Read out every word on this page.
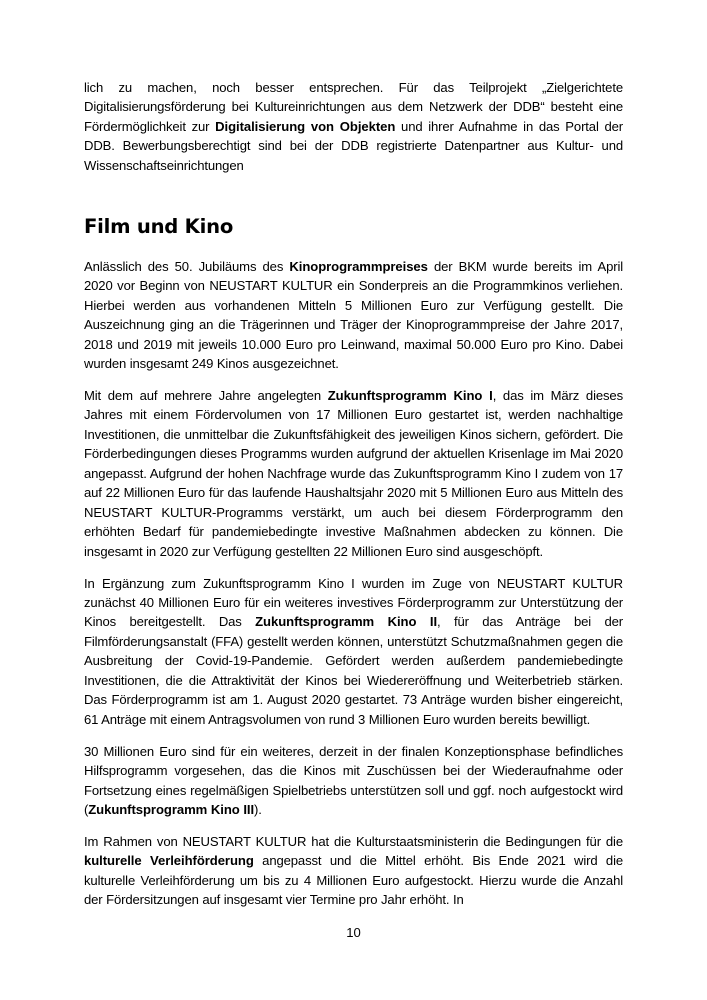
lich zu machen, noch besser entsprechen. Für das Teilprojekt „Zielgerichtete Digitalisierungsförderung bei Kultureinrichtungen aus dem Netzwerk der DDB“ besteht eine Fördermöglichkeit zur Digitalisierung von Objekten und ihrer Aufnahme in das Portal der DDB. Bewerbungsberechtigt sind bei der DDB registrierte Datenpartner aus Kultur- und Wissenschaftseinrichtungen

Film und Kino

Anlässlich des 50. Jubiläums des Kinoprogrammpreises der BKM wurde bereits im April 2020 vor Beginn von NEUSTART KULTUR ein Sonderpreis an die Programmkinos verliehen. Hierbei werden aus vorhandenen Mitteln 5 Millionen Euro zur Verfügung gestellt. Die Auszeichnung ging an die Trägerinnen und Träger der Kinoprogrammpreise der Jahre 2017, 2018 und 2019 mit jeweils 10.000 Euro pro Leinwand, maximal 50.000 Euro pro Kino. Dabei wurden insgesamt 249 Kinos ausgezeichnet.

Mit dem auf mehrere Jahre angelegten Zukunftsprogramm Kino I, das im März dieses Jahres mit einem Fördervolumen von 17 Millionen Euro gestartet ist, werden nachhaltige Investitionen, die unmittelbar die Zukunftsfähigkeit des jeweiligen Kinos sichern, gefördert. Die Förderbedingungen dieses Programms wurden aufgrund der aktuellen Krisenlage im Mai 2020 angepasst. Aufgrund der hohen Nachfrage wurde das Zukunftsprogramm Kino I zudem von 17 auf 22 Millionen Euro für das laufende Haushaltsjahr 2020 mit 5 Millionen Euro aus Mitteln des NEUSTART KULTUR-Programms verstärkt, um auch bei diesem Förderprogramm den erhöhten Bedarf für pandemiebedingte investive Maßnahmen abdecken zu können. Die insgesamt in 2020 zur Verfügung gestellten 22 Millionen Euro sind ausgeschöpft.

In Ergänzung zum Zukunftsprogramm Kino I wurden im Zuge von NEUSTART KULTUR zunächst 40 Millionen Euro für ein weiteres investives Förderprogramm zur Unterstützung der Kinos bereitgestellt. Das Zukunftsprogramm Kino II, für das Anträge bei der Filmförderungsanstalt (FFA) gestellt werden können, unterstützt Schutzmaßnahmen gegen die Ausbreitung der Covid-19-Pandemie. Gefördert werden außerdem pandemiebedingte Investitionen, die die Attraktivität der Kinos bei Wiedereröffnung und Weiterbetrieb stärken. Das Förderprogramm ist am 1. August 2020 gestartet. 73 Anträge wurden bisher eingereicht, 61 Anträge mit einem Antragsvolumen von rund 3 Millionen Euro wurden bereits bewilligt.

30 Millionen Euro sind für ein weiteres, derzeit in der finalen Konzeptionsphase befindliches Hilfsprogramm vorgesehen, das die Kinos mit Zuschüssen bei der Wiederaufnahme oder Fortsetzung eines regelmäßigen Spielbetriebs unterstützen soll und ggf. noch aufgestockt wird (Zukunftsprogramm Kino III).

Im Rahmen von NEUSTART KULTUR hat die Kulturstaatsministerin die Bedingungen für die kulturelle Verleihförderung angepasst und die Mittel erhöht. Bis Ende 2021 wird die kulturelle Verleihförderung um bis zu 4 Millionen Euro aufgestockt. Hierzu wurde die Anzahl der Fördersitzungen auf insgesamt vier Termine pro Jahr erhöht. In

10
